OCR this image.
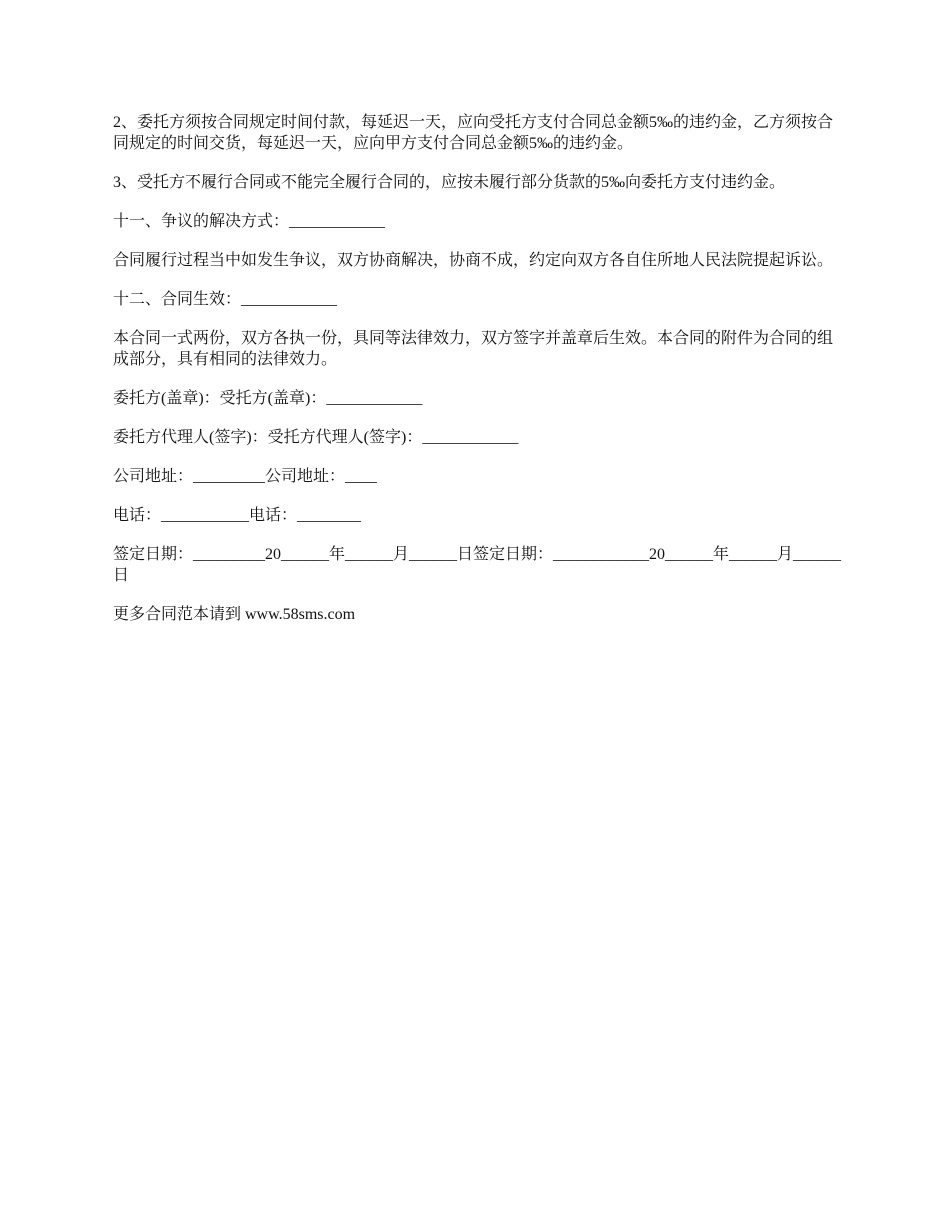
2、委托方须按合同规定时间付款，每延迟一天，应向受托方支付合同总金额5‰的违约金，乙方须按合同规定的时间交货，每延迟一天，应向甲方支付合同总金额5‰的违约金。

3、受托方不履行合同或不能完全履行合同的，应按未履行部分货款的5‰向委托方支付违约金。

十一、争议的解决方式：____________

合同履行过程当中如发生争议，双方协商解决，协商不成，约定向双方各自住所地人民法院提起诉讼。

十二、合同生效：____________

本合同一式两份，双方各执一份，具同等法律效力，双方签字并盖章后生效。本合同的附件为合同的组成部分，具有相同的法律效力。

委托方(盖章)：受托方(盖章)：____________

委托方代理人(签字)：受托方代理人(签字)：____________

公司地址：_________公司地址：____

电话：___________电话：________

签定日期：_________20______年______月______日签定日期：____________20______年______月______日

更多合同范本请到 www.58sms.com
